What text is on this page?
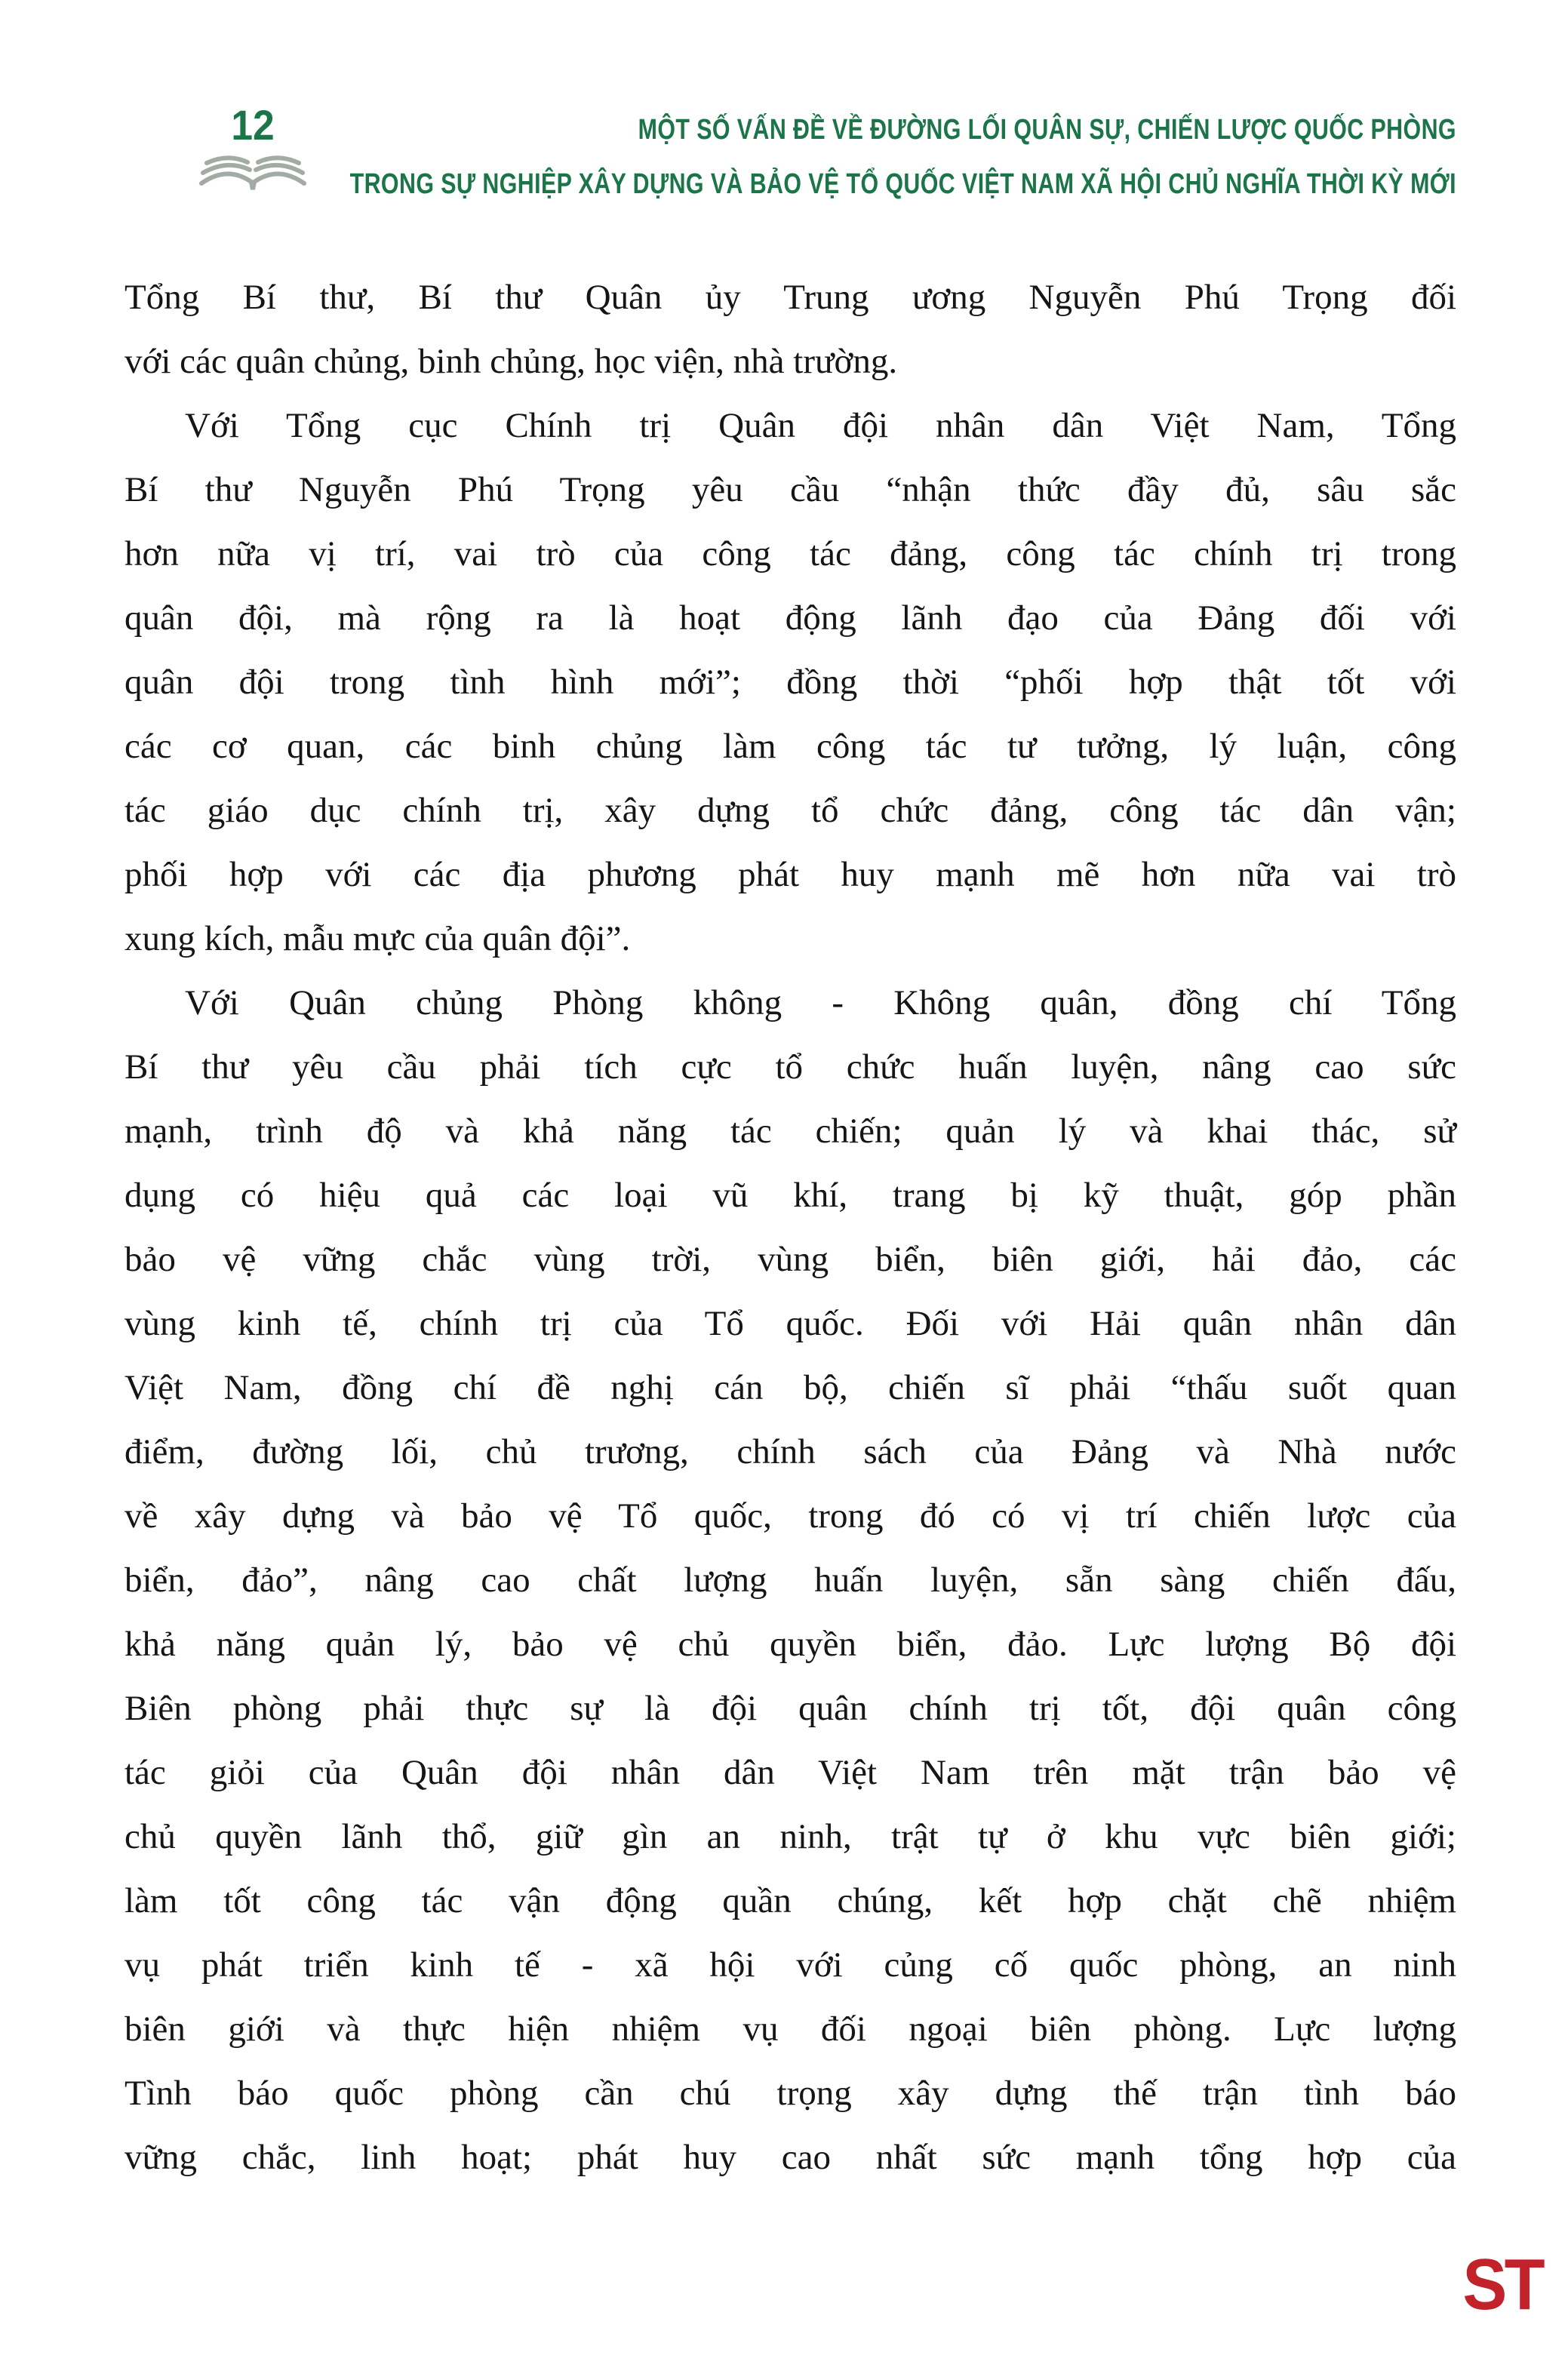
12	MỘT SỐ VẤN ĐỀ VỀ ĐƯỜNG LỐI QUÂN SỰ, CHIẾN LƯỢC QUỐC PHÒNG
TRONG SỰ NGHIỆP XÂY DỰNG VÀ BẢO VỆ TỔ QUỐC VIỆT NAM XÃ HỘI CHỦ NGHĨA THỜI KỲ MỚI
Tổng Bí thư, Bí thư Quân ủy Trung ương Nguyễn Phú Trọng đối
với các quân chủng, binh chủng, học viện, nhà trường.
Với Tổng cục Chính trị Quân đội nhân dân Việt Nam, Tổng
Bí thư Nguyễn Phú Trọng yêu cầu “nhận thức đầy đủ, sâu sắc
hơn nữa vị trí, vai trò của công tác đảng, công tác chính trị trong
quân đội, mà rộng ra là hoạt động lãnh đạo của Đảng đối với
quân đội trong tình hình mới”; đồng thời “phối hợp thật tốt với
các cơ quan, các binh chủng làm công tác tư tưởng, lý luận, công
tác giáo dục chính trị, xây dựng tổ chức đảng, công tác dân vận;
phối hợp với các địa phương phát huy mạnh mẽ hơn nữa vai trò
xung kích, mẫu mực của quân đội”.
Với Quân chủng Phòng không - Không quân, đồng chí Tổng
Bí thư yêu cầu phải tích cực tổ chức huấn luyện, nâng cao sức
mạnh, trình độ và khả năng tác chiến; quản lý và khai thác, sử
dụng có hiệu quả các loại vũ khí, trang bị kỹ thuật, góp phần
bảo vệ vững chắc vùng trời, vùng biển, biên giới, hải đảo, các
vùng kinh tế, chính trị của Tổ quốc. Đối với Hải quân nhân dân
Việt Nam, đồng chí đề nghị cán bộ, chiến sĩ phải “thấu suốt quan
điểm, đường lối, chủ trương, chính sách của Đảng và Nhà nước
về xây dựng và bảo vệ Tổ quốc, trong đó có vị trí chiến lược của
biển, đảo”, nâng cao chất lượng huấn luyện, sẵn sàng chiến đấu,
khả năng quản lý, bảo vệ chủ quyền biển, đảo. Lực lượng Bộ đội
Biên phòng phải thực sự là đội quân chính trị tốt, đội quân công
tác giỏi của Quân đội nhân dân Việt Nam trên mặt trận bảo vệ
chủ quyền lãnh thổ, giữ gìn an ninh, trật tự ở khu vực biên giới;
làm tốt công tác vận động quần chúng, kết hợp chặt chẽ nhiệm
vụ phát triển kinh tế - xã hội với củng cố quốc phòng, an ninh
biên giới và thực hiện nhiệm vụ đối ngoại biên phòng. Lực lượng
Tình báo quốc phòng cần chú trọng xây dựng thế trận tình báo
vững chắc, linh hoạt; phát huy cao nhất sức mạnh tổng hợp của
ST
